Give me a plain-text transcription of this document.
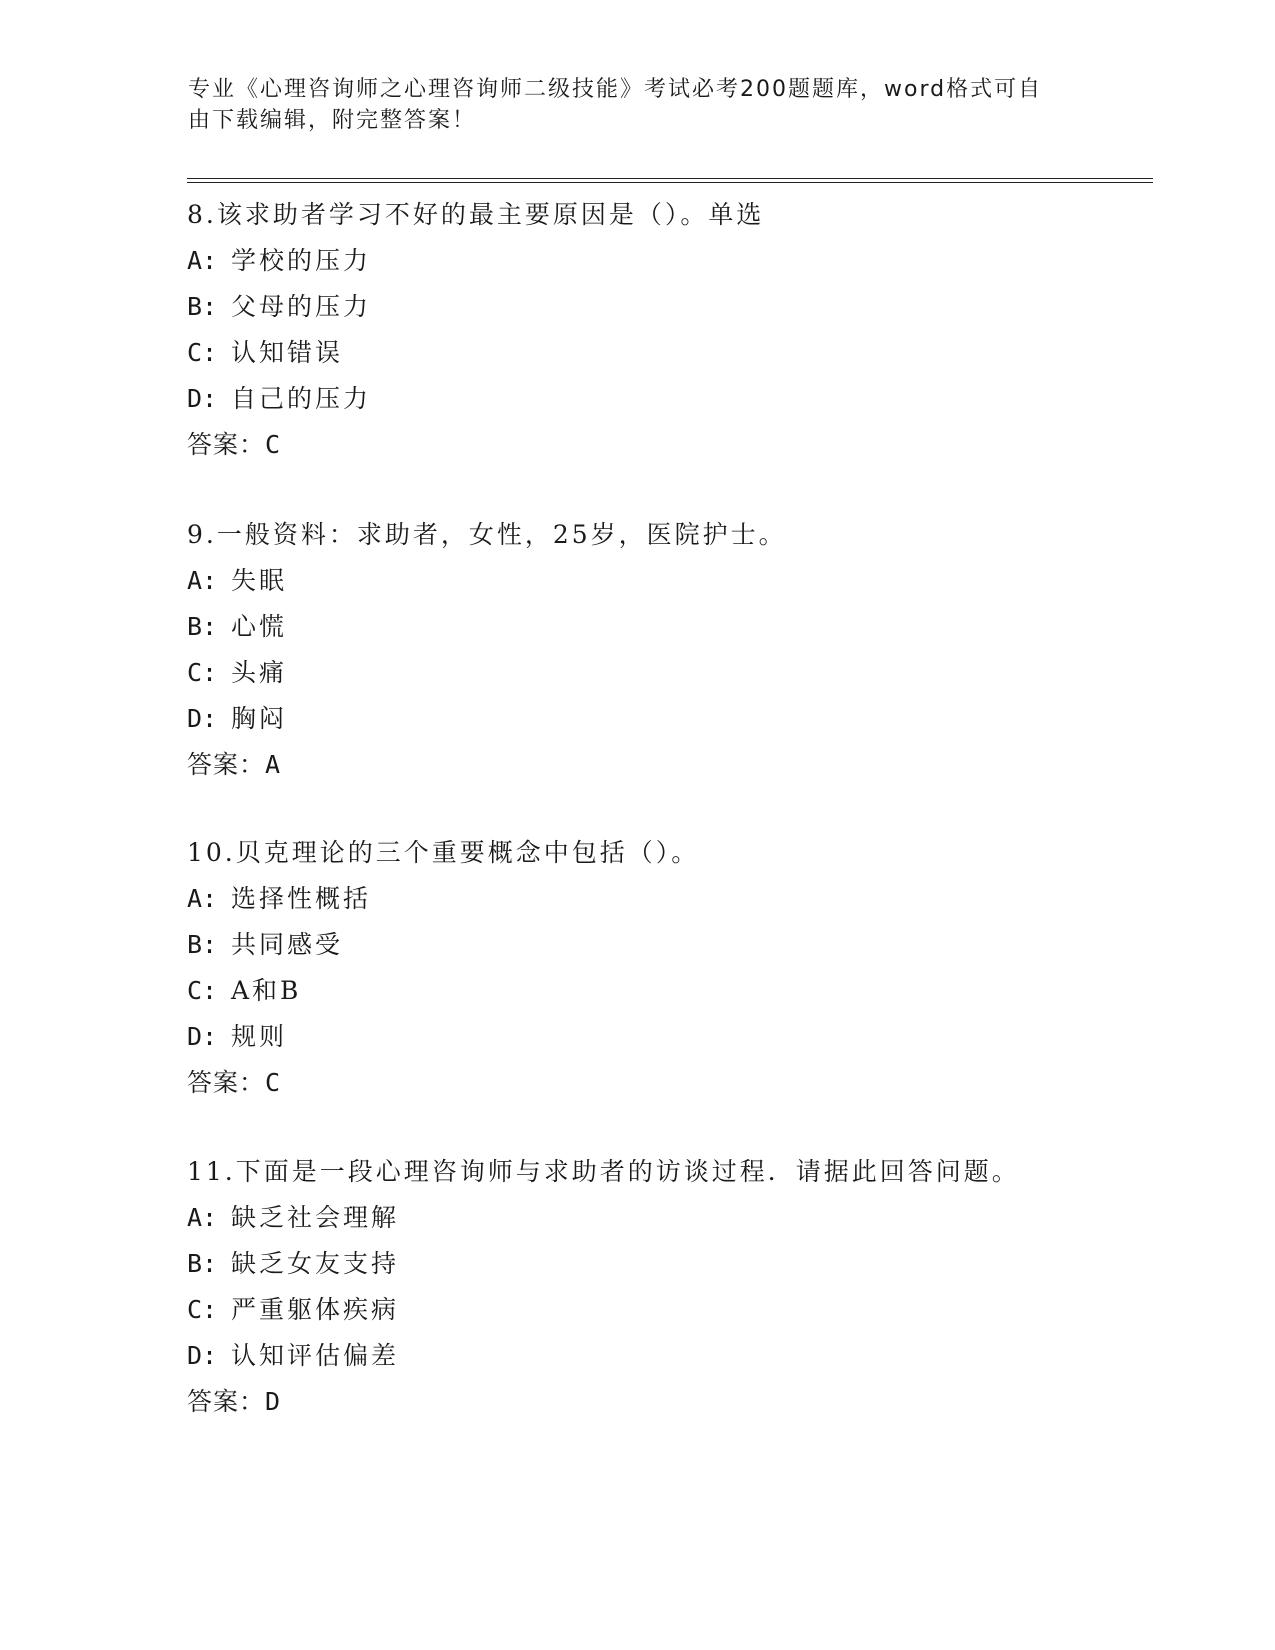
专业《心理咨询师之心理咨询师二级技能》考试必考200题题库，word格式可自
由下载编辑，附完整答案！
8.该求助者学习不好的最主要原因是（）。单选
A: 学校的压力
B: 父母的压力
C: 认知错误
D: 自己的压力
答案：C
9.一般资料：求助者，女性，25岁，医院护士。
A: 失眠
B: 心慌
C: 头痛
D: 胸闷
答案：A
10.贝克理论的三个重要概念中包括（）。
A: 选择性概括
B: 共同感受
C: A和B
D: 规则
答案：C
11.下面是一段心理咨询师与求助者的访谈过程．请据此回答问题。
A: 缺乏社会理解
B: 缺乏女友支持
C: 严重躯体疾病
D: 认知评估偏差
答案：D
